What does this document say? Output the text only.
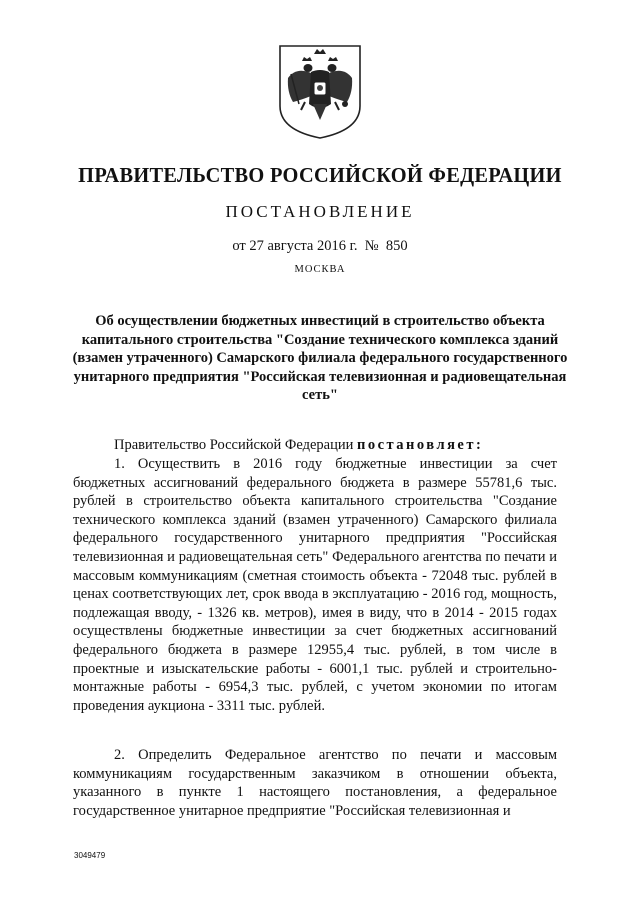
ПРАВИТЕЛЬСТВО РОССИЙСКОЙ ФЕДЕРАЦИИ
ПОСТАНОВЛЕНИЕ
от 27 августа 2016 г.  №  850
МОСКВА
Об осуществлении бюджетных инвестиций в строительство объекта капитального строительства "Создание технического комплекса зданий (взамен утраченного) Самарского филиала федерального государственного унитарного предприятия "Российская телевизионная и радиовещательная сеть"
Правительство Российской Федерации постановляет:
1. Осуществить в 2016 году бюджетные инвестиции за счет бюджетных ассигнований федерального бюджета в размере 55781,6 тыс. рублей в строительство объекта капитального строительства "Создание технического комплекса зданий (взамен утраченного) Самарского филиала федерального государственного унитарного предприятия "Российская телевизионная и радиовещательная сеть" Федерального агентства по печати и массовым коммуникациям (сметная стоимость объекта - 72048 тыс. рублей в ценах соответствующих лет, срок ввода в эксплуатацию - 2016 год, мощность, подлежащая вводу, - 1326 кв. метров), имея в виду, что в 2014 - 2015 годах осуществлены бюджетные инвестиции за счет бюджетных ассигнований федерального бюджета в размере 12955,4 тыс. рублей, в том числе в проектные и изыскательские работы - 6001,1 тыс. рублей и строительно-монтажные работы - 6954,3 тыс. рублей, с учетом экономии по итогам проведения аукциона - 3311 тыс. рублей.
2. Определить Федеральное агентство по печати и массовым коммуникациям государственным заказчиком в отношении объекта, указанного в пункте 1 настоящего постановления, а федеральное государственное унитарное предприятие "Российская телевизионная и
3049479
